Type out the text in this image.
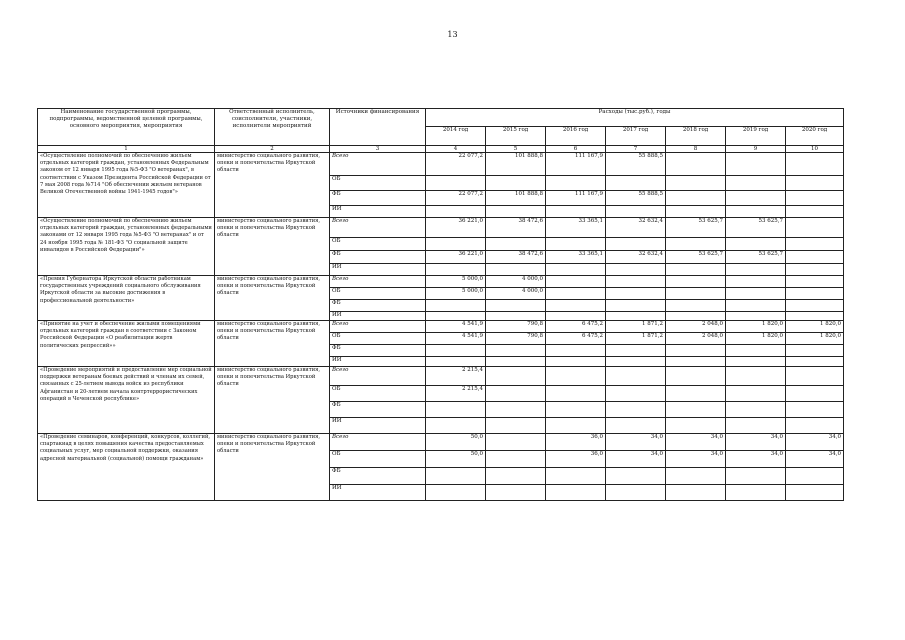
13
Наименование государственной программы, подпрограммы, ведомственной целевой программы, основного мероприятия, мероприятия	Ответственный исполнитель, соисполнители, участники, исполнители мероприятий	Источники финансирования	Расходы (тыс.руб.), годы						
			2014 год	2015 год	2016 год	2017 год	2018 год	2019 год	2020 год
1	2	3	4	5	6	7	8	9	10
«Осуществление полномочий по обеспечению жильем отдельных категорий граждан, установленных Федеральным законом от 12 января 1995 года №5-ФЗ "О ветеранах", в соответствии с Указом Президента Российской Федерации от 7 мая 2008 года №714 "Об обеспечении жильем ветеранов Великой Отечественной войны 1941-1945 годов"»	министерство социального развития, опеки и попечительства Иркутской области	Всего	22 077,2	101 888,8	111 167,9	55 888,5			
		ОБ							
		ФБ	22 077,2	101 888,8	111 167,9	55 888,5			
		ИИ							
«Осуществление полномочий по обеспечению жильем отдельных категорий граждан, установленных федеральными законами от 12 января 1995 года №5-ФЗ "О ветеранах" и от 24 ноября 1995 года № 181-ФЗ "О социальной защите инвалидов в Российской Федерации"»	министерство социального развития, опеки и попечительства Иркутской области	Всего	36 221,0	38 472,6	33 365,1	32 632,4	53 625,7	53 625,7	
		ОБ							
		ФБ	36 221,0	38 472,6	33 365,1	32 632,4	53 625,7	53 625,7	
		ИИ							
«Премия Губернатора Иркутской области работникам государственных учреждений социального обслуживания Иркутской области за высокие достижения в профессиональной деятельности»	министерство социального развития, опеки и попечительства Иркутской области	Всего	5 000,0	4 000,0					
		ОБ	5 000,0	4 000,0					
		ФБ							
		ИИ							
«Принятие на учет и обеспечение жилыми помещениями отдельных категорий граждан в соответствии с Законом Российской Федерации «О реабилитации жертв политических репрессий»»	министерство социального развития, опеки и попечительства Иркутской области	Всего	4 541,9	790,8	6 475,2	1 871,2	2 048,0	1 820,0	1 820,0
		ОБ	4 541,9	790,8	6 475,2	1 871,2	2 048,0	1 820,0	1 820,0
		ФБ							
		ИИ							
«Проведение мероприятий и предоставление мер социальной поддержки ветеранам боевых действий и членам их семей, связанных с 25-летием вывода войск из республики Афганистан и 20-летием начала контртеррористических операций в Чеченской республике»	министерство социального развития, опеки и попечительства Иркутской области	Всего	2 215,4						
		ОБ	2 215,4						
		ФБ							
		ИИ							
«Проведение семинаров, конференций, конкурсов, коллегий, спартакиад в целях повышения качества предоставляемых социальных услуг, мер социальной поддержки, оказания адресной материальной (социальной) помощи гражданам»	министерство социального развития, опеки и попечительства Иркутской области	Всего	50,0		36,0	34,0	34,0	34,0	34,0
		ОБ	50,0		36,0	34,0	34,0	34,0	34,0
		ФБ							
		ИИ							
